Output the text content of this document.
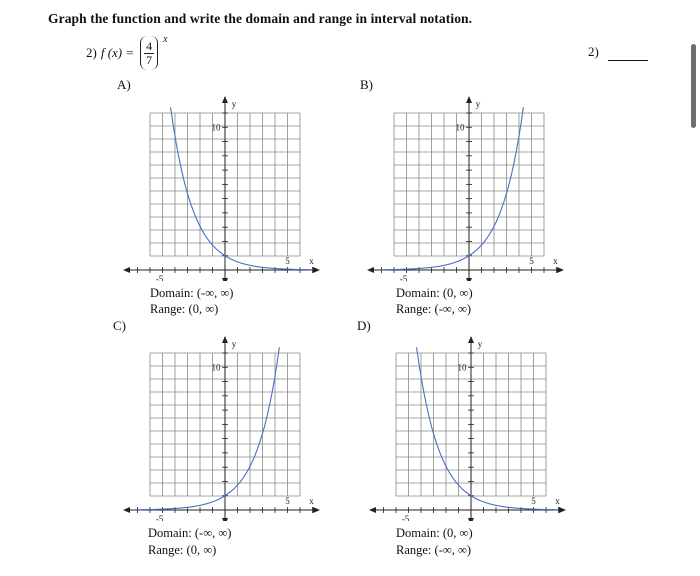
Graph the function and write the domain and range in interval notation.
2) f $(x) = \frac{4}{7}$
x
2)
A)
-5
5 x
y
10
Domain: (-∞, ∞)
Range: (0, ∞)
B)
-5
5 x
y
10
Domain: (0, ∞)
Range: (-∞, ∞)
C)
-5
5 x
y
10
Domain: (-∞, ∞)
Range: (0, ∞)
D)
-5
5 x
y
10
Domain: (0, ∞)
Range: (-∞, ∞)
